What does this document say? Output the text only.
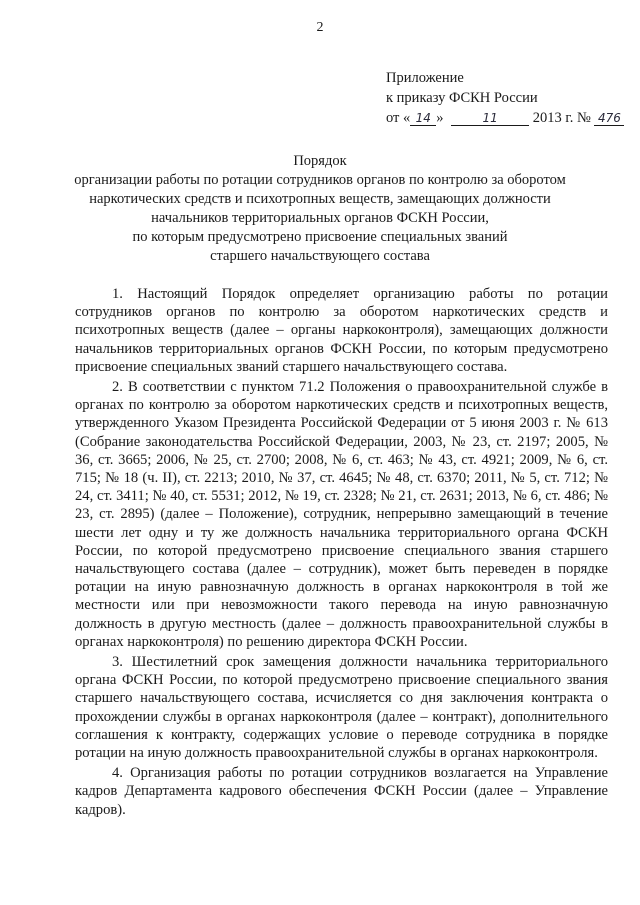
2
Приложение
к приказу ФСКН России
от « 14 »	11 2013 г. № 476
Порядок
организации работы по ротации сотрудников органов по контролю за оборотом
наркотических средств и психотропных веществ, замещающих должности
начальников территориальных органов ФСКН России,
по которым предусмотрено присвоение специальных званий
старшего начальствующего состава

1. Настоящий Порядок определяет организацию работы по ротации сотрудников органов по контролю за оборотом наркотических средств и психотропных веществ (далее – органы наркоконтроля), замещающих должности начальников территориальных органов ФСКН России, по которым предусмотрено присвоение специальных званий старшего начальствующего состава.

2. В соответствии с пунктом 71.2 Положения о правоохранительной службе в органах по контролю за оборотом наркотических средств и психотропных веществ, утвержденного Указом Президента Российской Федерации от 5 июня 2003 г. № 613 (Собрание законодательства Российской Федерации, 2003, № 23, ст. 2197; 2005, № 36, ст. 3665; 2006, № 25, ст. 2700; 2008, № 6, ст. 463; № 43, ст. 4921; 2009, № 6, ст. 715; № 18 (ч. II), ст. 2213; 2010, № 37, ст. 4645; № 48, ст. 6370; 2011, № 5, ст. 712; № 24, ст. 3411; № 40, ст. 5531; 2012, № 19, ст. 2328; № 21, ст. 2631; 2013, № 6, ст. 486; № 23, ст. 2895) (далее – Положение), сотрудник, непрерывно замещающий в течение шести лет одну и ту же должность начальника территориального органа ФСКН России, по которой предусмотрено присвоение специального звания старшего начальствующего состава (далее – сотрудник), может быть переведен в порядке ротации на иную равнозначную должность в органах наркоконтроля в той же местности или при невозможности такого перевода на иную равнозначную должность в другую местность (далее – должность правоохранительной службы в органах наркоконтроля) по решению директора ФСКН России.

3. Шестилетний срок замещения должности начальника территориального органа ФСКН России, по которой предусмотрено присвоение специального звания старшего начальствующего состава, исчисляется со дня заключения контракта о прохождении службы в органах наркоконтроля (далее – контракт), дополнительного соглашения к контракту, содержащих условие о переводе сотрудника в порядке ротации на иную должность правоохранительной службы в органах наркоконтроля.

4. Организация работы по ротации сотрудников возлагается на Управление кадров Департамента кадрового обеспечения ФСКН России (далее – Управление кадров).
